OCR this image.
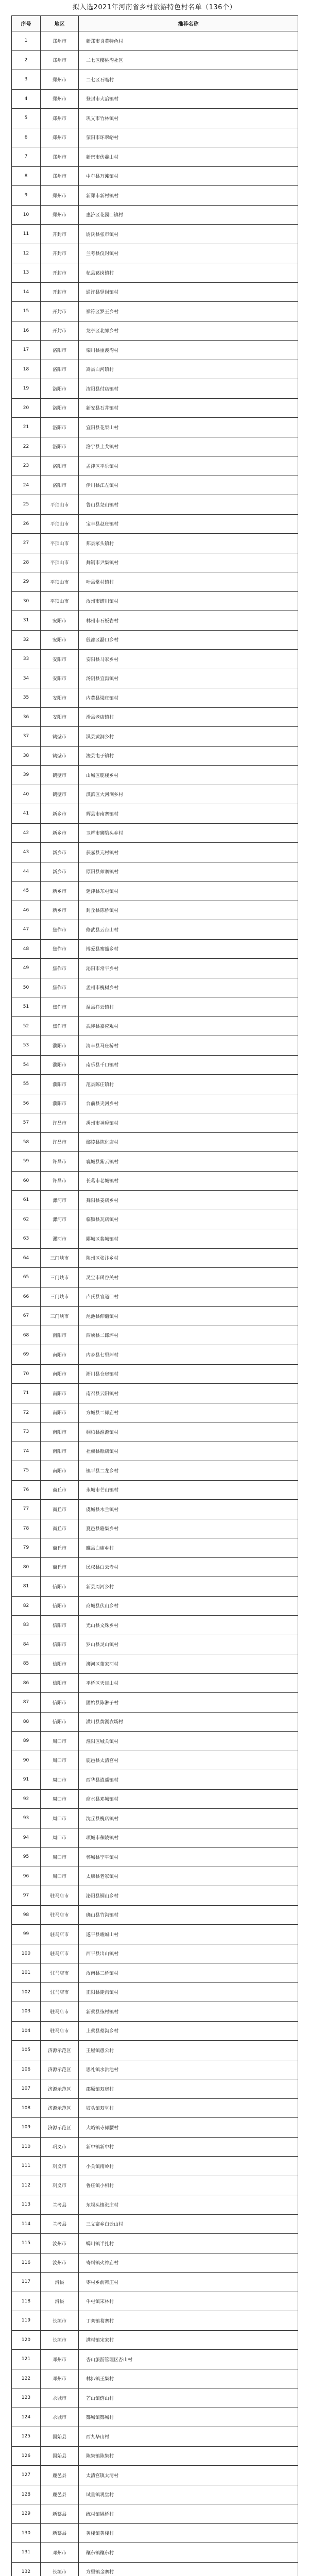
拟入选2021年河南省乡村旅游特色村名单（136个）
序号	地区	推荐名称
1	郑州市	新郑市炎黄特色村
2	郑州市	二七区樱桃沟社区
3	郑州市	二七区石嘴村
4	郑州市	登封市大冶镇村
5	郑州市	巩义市竹林镇村
6	郑州市	荥阳市环翠峪村
7	郑州市	新密市伏羲山村
8	郑州市	中牟县万滩镇村
9	郑州市	新郑市新村镇村
10	郑州市	惠济区花园口镇村
11	开封市	尉氏县张市镇村
12	开封市	兰考县仪封镇村
13	开封市	杞县葛岗镇村
14	开封市	通许县竖岗镇村
15	开封市	祥符区罗王乡村
16	开封市	龙亭区北郊乡村
17	洛阳市	栾川县重渡沟村
18	洛阳市	嵩县白河镇村
19	洛阳市	汝阳县付店镇村
20	洛阳市	新安县石井镇村
21	洛阳市	宜阳县花果山村
22	洛阳市	洛宁县上戈镇村
23	洛阳市	孟津区平乐镇村
24	洛阳市	伊川县江左镇村
25	平顶山市	鲁山县尧山镇村
26	平顶山市	宝丰县赵庄镇村
27	平顶山市	郏县冢头镇村
28	平顶山市	舞钢市尹集镇村
29	平顶山市	叶县常村镇村
30	平顶山市	汝州市蟒川镇村
31	安阳市	林州市石板岩村
32	安阳市	殷都区磊口乡村
33	安阳市	安阳县马家乡村
34	安阳市	汤阴县宜沟镇村
35	安阳市	内黄县梁庄镇村
36	安阳市	滑县老店镇村
37	鹤壁市	淇县黄洞乡村
38	鹤壁市	浚县屯子镇村
39	鹤壁市	山城区鹿楼乡村
40	鹤壁市	淇滨区大河涧乡村
41	新乡市	辉县市南寨镇村
42	新乡市	卫辉市狮豹头乡村
43	新乡市	获嘉县亢村镇村
44	新乡市	原阳县师寨镇村
45	新乡市	延津县东屯镇村
46	新乡市	封丘县陈桥镇村
47	焦作市	修武县云台山村
48	焦作市	博爱县寨豁乡村
49	焦作市	沁阳市常平乡村
50	焦作市	孟州市槐树乡村
51	焦作市	温县祥云镇村
52	焦作市	武陟县嘉应观村
53	濮阳市	清丰县马庄桥村
54	濮阳市	南乐县千口镇村
55	濮阳市	范县陈庄镇村
56	濮阳市	台前县夹河乡村
57	许昌市	禹州市神垕镇村
58	许昌市	鄢陵县陈化店村
59	许昌市	襄城县紫云镇村
60	许昌市	长葛市老城镇村
61	漯河市	舞阳县姜店乡村
62	漯河市	临颍县瓦店镇村
63	漯河市	郾城区裴城镇村
64	三门峡市	陕州区张汴乡村
65	三门峡市	灵宝市函谷关村
66	三门峡市	卢氏县官道口村
67	三门峡市	渑池县仰韶镇村
68	南阳市	西峡县二郎坪村
69	南阳市	内乡县七里坪村
70	南阳市	淅川县仓房镇村
71	南阳市	南召县云阳镇村
72	南阳市	方城县二郎庙村
73	南阳市	桐柏县淮源镇村
74	南阳市	社旗县赊店镇村
75	南阳市	镇平县二龙乡村
76	商丘市	永城市芒山镇村
77	商丘市	虞城县木兰镇村
78	商丘市	夏邑县骆集乡村
79	商丘市	睢县白庙乡村
80	商丘市	民权县白云寺村
81	信阳市	新县周河乡村
82	信阳市	商城县伏山乡村
83	信阳市	光山县文殊乡村
84	信阳市	罗山县灵山镇村
85	信阳市	浉河区董家河村
86	信阳市	平桥区天目山村
87	信阳市	固始县陈淋子村
88	信阳市	潢川县黄湖农场村
89	周口市	淮阳区城关镇村
90	周口市	鹿邑县太清宫村
91	周口市	西华县逍遥镇村
92	周口市	商水县邓城镇村
93	周口市	沈丘县槐店镇村
94	周口市	项城市秣陵镇村
95	周口市	郸城县宁平镇村
96	周口市	太康县老冢镇村
97	驻马店市	泌阳县铜山乡村
98	驻马店市	确山县竹沟镇村
99	驻马店市	遂平县嵖岈山村
100	驻马店市	西平县出山镇村
101	驻马店市	汝南县三桥镇村
102	驻马店市	正阳县陡沟镇村
103	驻马店市	新蔡县练村镇村
104	驻马店市	上蔡县蔡沟乡村
105	济源示范区	王屋镇愚公村
106	济源示范区	思礼镇水洪池村
107	济源示范区	邵原镇双房村
108	济源示范区	坡头镇双堂村
109	济源示范区	大峪镇寺郎腰村
110	巩义市	新中镇新中村
111	巩义市	小关镇南岭村
112	巩义市	鲁庄镇小相村
113	兰考县	东坝头镇张庄村
114	兰考县	三义寨乡白云山村
115	汝州市	蟒川镇半扎村
116	汝州市	寄料镇火神庙村
117	滑县	枣村乡前韩庄村
118	滑县	牛屯镇宋林村
119	长垣市	丁栾镇葛寨村
120	长垣市	满村镇宋家村
121	邓州市	杏山旅游管理区杏山村
122	邓州市	林扒镇王集村
123	永城市	芒山镇僖山村
124	永城市	酂城镇酂城村
125	固始县	西九华山村
126	固始县	陈集镇陈集村
127	鹿邑县	太清宫镇太清村
128	鹿邑县	试量镇观堂村
129	新蔡县	练村镇姚桥村
130	新蔡县	黄楼镇黄楼村
131	邓州市	穰东镇穰东村
132	长垣市	方里镇金寨村
